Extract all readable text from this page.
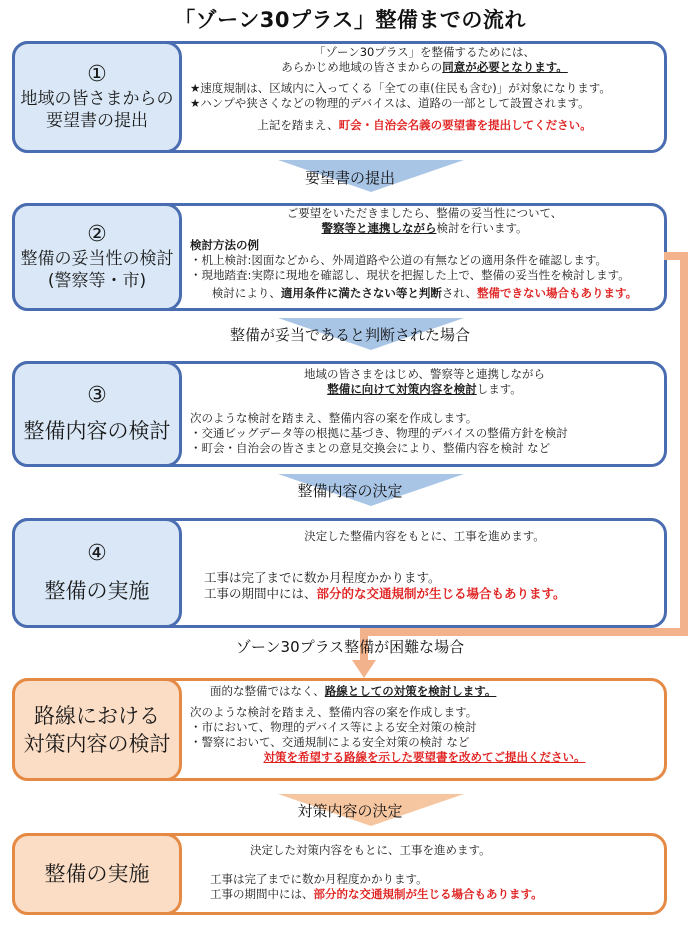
「ゾーン30プラス」整備までの流れ
①
地域の皆さまからの
要望書の提出
「ゾーン30プラス」を整備するためには、
あらかじめ地域の皆さまからの同意が必要となります。
★速度規制は、区域内に入ってくる「全ての車(住民も含む)」が対象になります。
★ハンプや狭さくなどの物理的デバイスは、道路の一部として設置されます。
上記を踏まえ、町会・自治会名義の要望書を提出してください。
要望書の提出
②
整備の妥当性の検討
(警察等・市)
ご要望をいただきましたら、整備の妥当性について、
警察等と連携しながら検討を行います。
検討方法の例
・机上検討:図面などから、外周道路や公道の有無などの適用条件を確認します。
・現地踏査:実際に現地を確認し、現状を把握した上で、整備の妥当性を検討します。
検討により、適用条件に満たさない等と判断され、整備できない場合もあります。
整備が妥当であると判断された場合
③
整備内容の検討
地域の皆さまをはじめ、警察等と連携しながら
整備に向けて対策内容を検討します。
次のような検討を踏まえ、整備内容の案を作成します。
・交通ビッグデータ等の根拠に基づき、物理的デバイスの整備方針を検討
・町会・自治会の皆さまとの意見交換会により、整備内容を検討 など
整備内容の決定
④
整備の実施
決定した整備内容をもとに、工事を進めます。
工事は完了までに数か月程度かかります。
工事の期間中には、部分的な交通規制が生じる場合もあります。
ゾーン30プラス整備が困難な場合
路線における
対策内容の検討
面的な整備ではなく、路線としての対策を検討します。
次のような検討を踏まえ、整備内容の案を作成します。
・市において、物理的デバイス等による安全対策の検討
・警察において、交通規制による安全対策の検討 など
対策を希望する路線を示した要望書を改めてご提出ください。
対策内容の決定
整備の実施
決定した対策内容をもとに、工事を進めます。
工事は完了までに数か月程度かかります。
工事の期間中には、部分的な交通規制が生じる場合もあります。
